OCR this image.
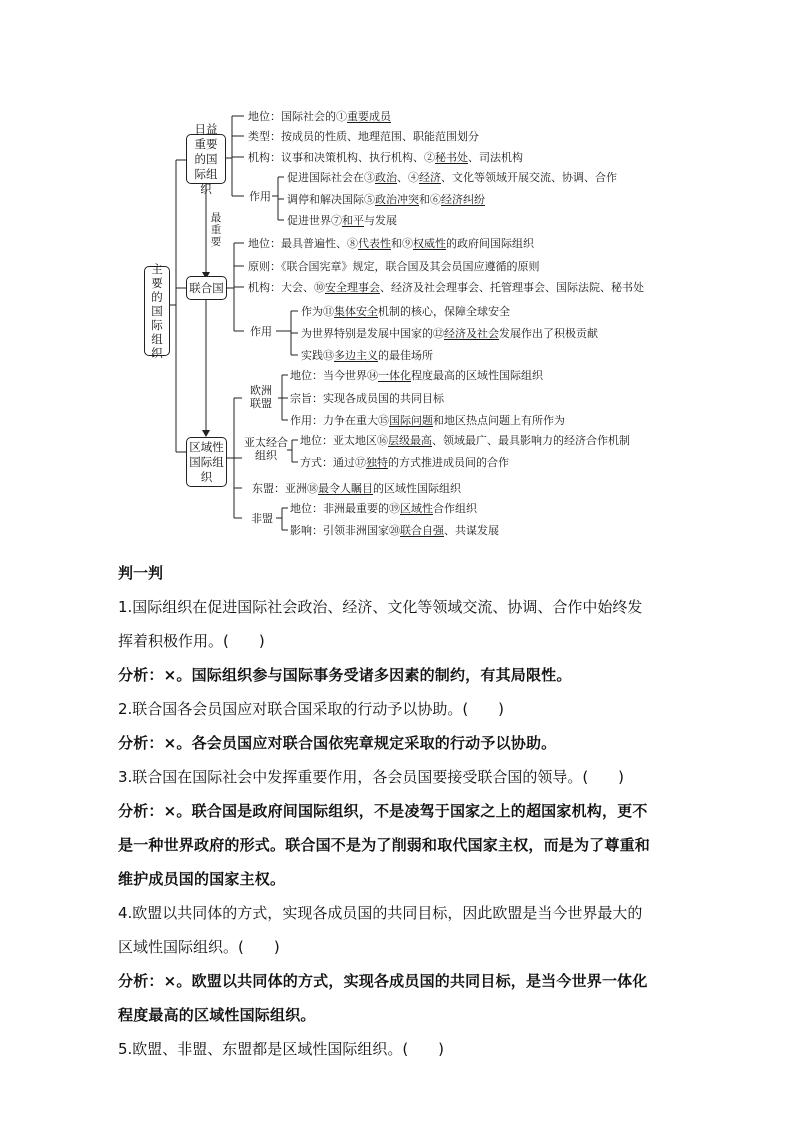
主要的国际组织
日益重要的国际组织
最重要
联合国
区域性国际组织
地位：国际社会的①重要成员
类型：按成员的性质、地理范围、职能范围划分
机构：议事和决策机构、执行机构、②秘书处、司法机构
作用
促进国际社会在③政治、④经济、文化等领域开展交流、协调、合作
调停和解决国际⑤政治冲突和⑥经济纠纷
促进世界⑦和平与发展
地位：最具普遍性、⑧代表性和⑨权威性的政府间国际组织
原则：《联合国宪章》规定，联合国及其会员国应遵循的原则
机构：大会、⑩安全理事会、经济及社会理事会、托管理事会、国际法院、秘书处
作用
作为⑪集体安全机制的核心，保障全球安全
为世界特别是发展中国家的⑫经济及社会发展作出了积极贡献
实践⑬多边主义的最佳场所
欧洲联盟
地位：当今世界⑭一体化程度最高的区域性国际组织
宗旨：实现各成员国的共同目标
作用：力争在重大⑮国际问题和地区热点问题上有所作为
亚太经合组织
地位：亚太地区⑯层级最高、领域最广、最具影响力的经济合作机制
方式：通过⑰独特的方式推进成员间的合作
东盟：亚洲⑱最令人瞩目的区域性国际组织
非盟
地位：非洲最重要的⑲区域性合作组织
影响：引领非洲国家⑳联合自强、共谋发展
判一判
1.国际组织在促进国际社会政治、经济、文化等领域交流、协调、合作中始终发
挥着积极作用。(　　)
分析：×。国际组织参与国际事务受诸多因素的制约，有其局限性。
2.联合国各会员国应对联合国采取的行动予以协助。(　　)
分析：×。各会员国应对联合国依宪章规定采取的行动予以协助。
3.联合国在国际社会中发挥重要作用，各会员国要接受联合国的领导。(　　)
分析：×。联合国是政府间国际组织，不是凌驾于国家之上的超国家机构，更不
是一种世界政府的形式。联合国不是为了削弱和取代国家主权，而是为了尊重和
维护成员国的国家主权。
4.欧盟以共同体的方式，实现各成员国的共同目标，因此欧盟是当今世界最大的
区域性国际组织。(　　)
分析：×。欧盟以共同体的方式，实现各成员国的共同目标，是当今世界一体化
程度最高的区域性国际组织。
5.欧盟、非盟、东盟都是区域性国际组织。(　　)
